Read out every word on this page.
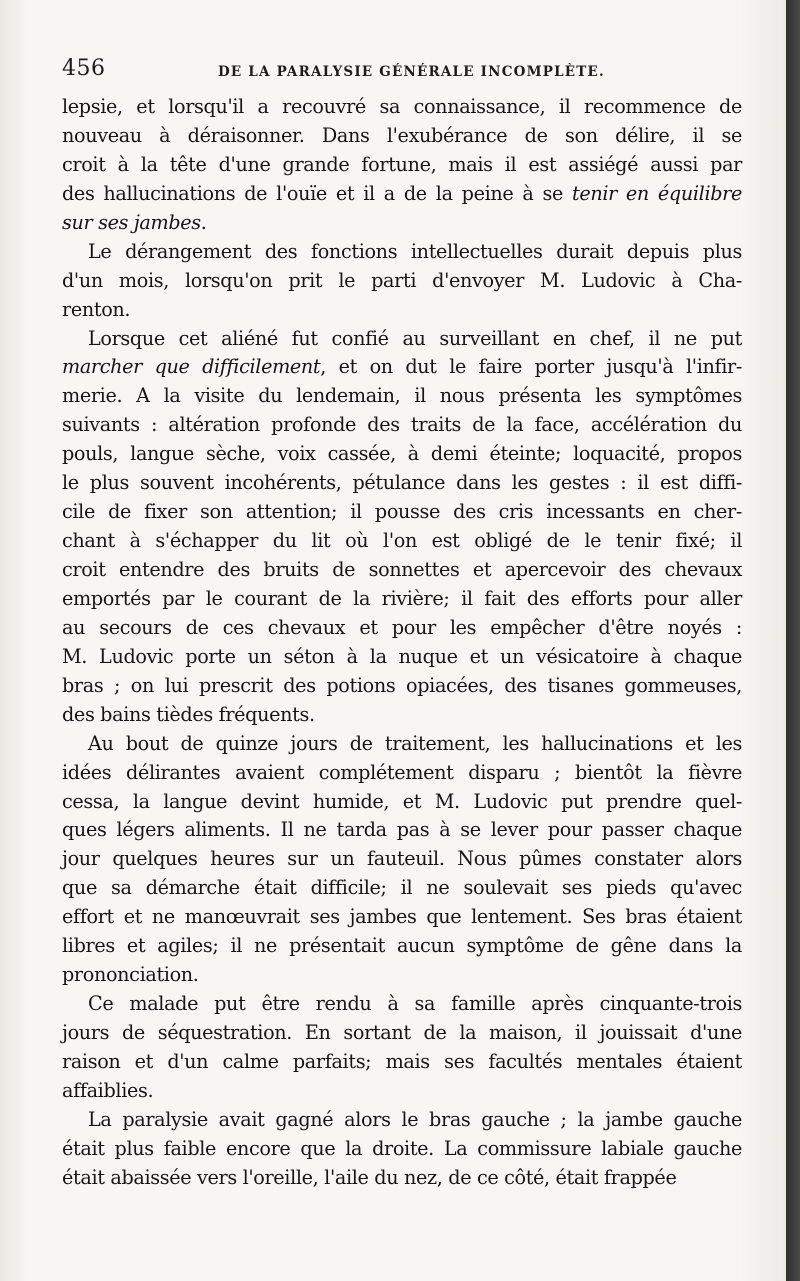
456	DE LA PARALYSIE GÉNÉRALE INCOMPLÈTE.
lepsie, et lorsqu'il a recouvré sa connaissance, il recommence de
nouveau à déraisonner. Dans l'exubérance de son délire, il se
croit à la tête d'une grande fortune, mais il est assiégé aussi par
des hallucinations de l'ouïe et il a de la peine à se tenir en équilibre
sur ses jambes.
Le dérangement des fonctions intellectuelles durait depuis plus
d'un mois, lorsqu'on prit le parti d'envoyer M. Ludovic à Cha-
renton.
Lorsque cet aliéné fut confié au surveillant en chef, il ne put
marcher que difficilement, et on dut le faire porter jusqu'à l'infir-
merie. A la visite du lendemain, il nous présenta les symptômes
suivants : altération profonde des traits de la face, accélération du
pouls, langue sèche, voix cassée, à demi éteinte; loquacité, propos
le plus souvent incohérents, pétulance dans les gestes : il est diffi-
cile de fixer son attention; il pousse des cris incessants en cher-
chant à s'échapper du lit où l'on est obligé de le tenir fixé; il
croit entendre des bruits de sonnettes et apercevoir des chevaux
emportés par le courant de la rivière; il fait des efforts pour aller
au secours de ces chevaux et pour les empêcher d'être noyés :
M. Ludovic porte un séton à la nuque et un vésicatoire à chaque
bras ; on lui prescrit des potions opiacées, des tisanes gommeuses,
des bains tièdes fréquents.
Au bout de quinze jours de traitement, les hallucinations et les
idées délirantes avaient complétement disparu ; bientôt la fièvre
cessa, la langue devint humide, et M. Ludovic put prendre quel-
ques légers aliments. Il ne tarda pas à se lever pour passer chaque
jour quelques heures sur un fauteuil. Nous pûmes constater alors
que sa démarche était difficile; il ne soulevait ses pieds qu'avec
effort et ne manœuvrait ses jambes que lentement. Ses bras étaient
libres et agiles; il ne présentait aucun symptôme de gêne dans la
prononciation.
Ce malade put être rendu à sa famille après cinquante-trois
jours de séquestration. En sortant de la maison, il jouissait d'une
raison et d'un calme parfaits; mais ses facultés mentales étaient
affaiblies.
La paralysie avait gagné alors le bras gauche ; la jambe gauche
était plus faible encore que la droite. La commissure labiale gauche
était abaissée vers l'oreille, l'aile du nez, de ce côté, était frappée
